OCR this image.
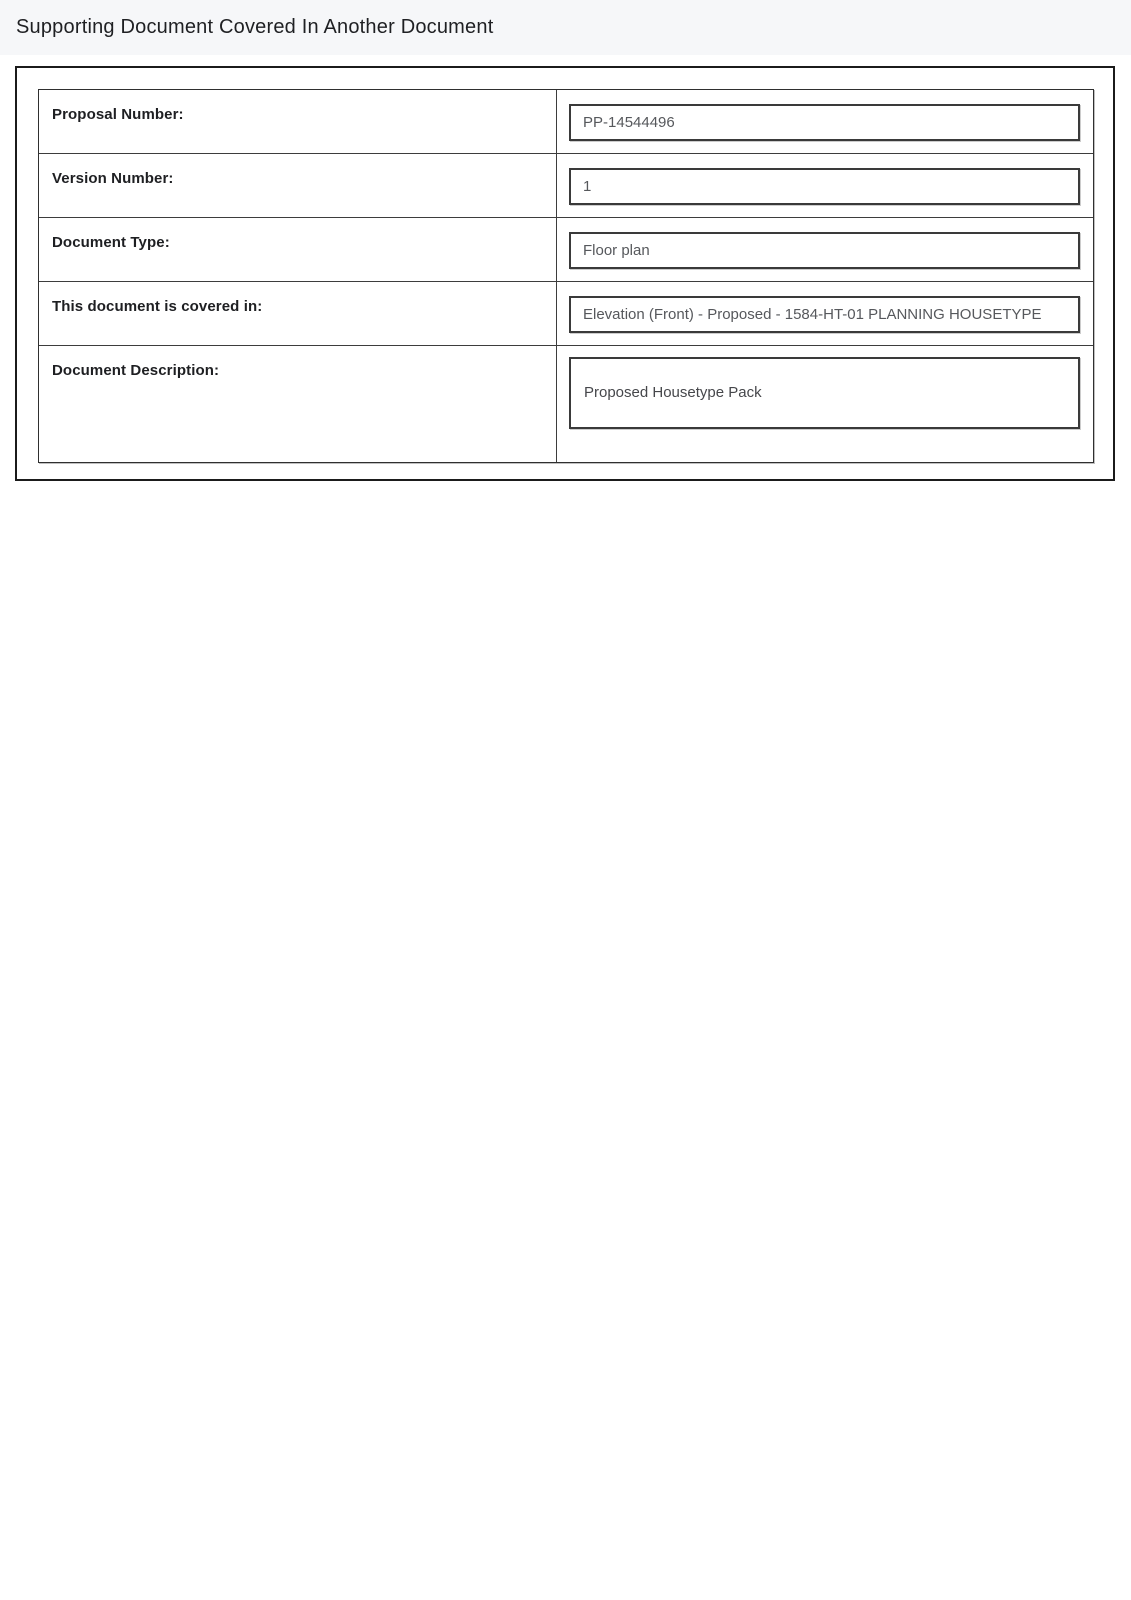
Supporting Document Covered In Another Document
Proposal Number:
PP-14544496
Version Number:
1
Document Type:
Floor plan
This document is covered in:
Elevation (Front) - Proposed - 1584-HT-01 PLANNING HOUSETYPE
Document Description:
Proposed Housetype Pack
